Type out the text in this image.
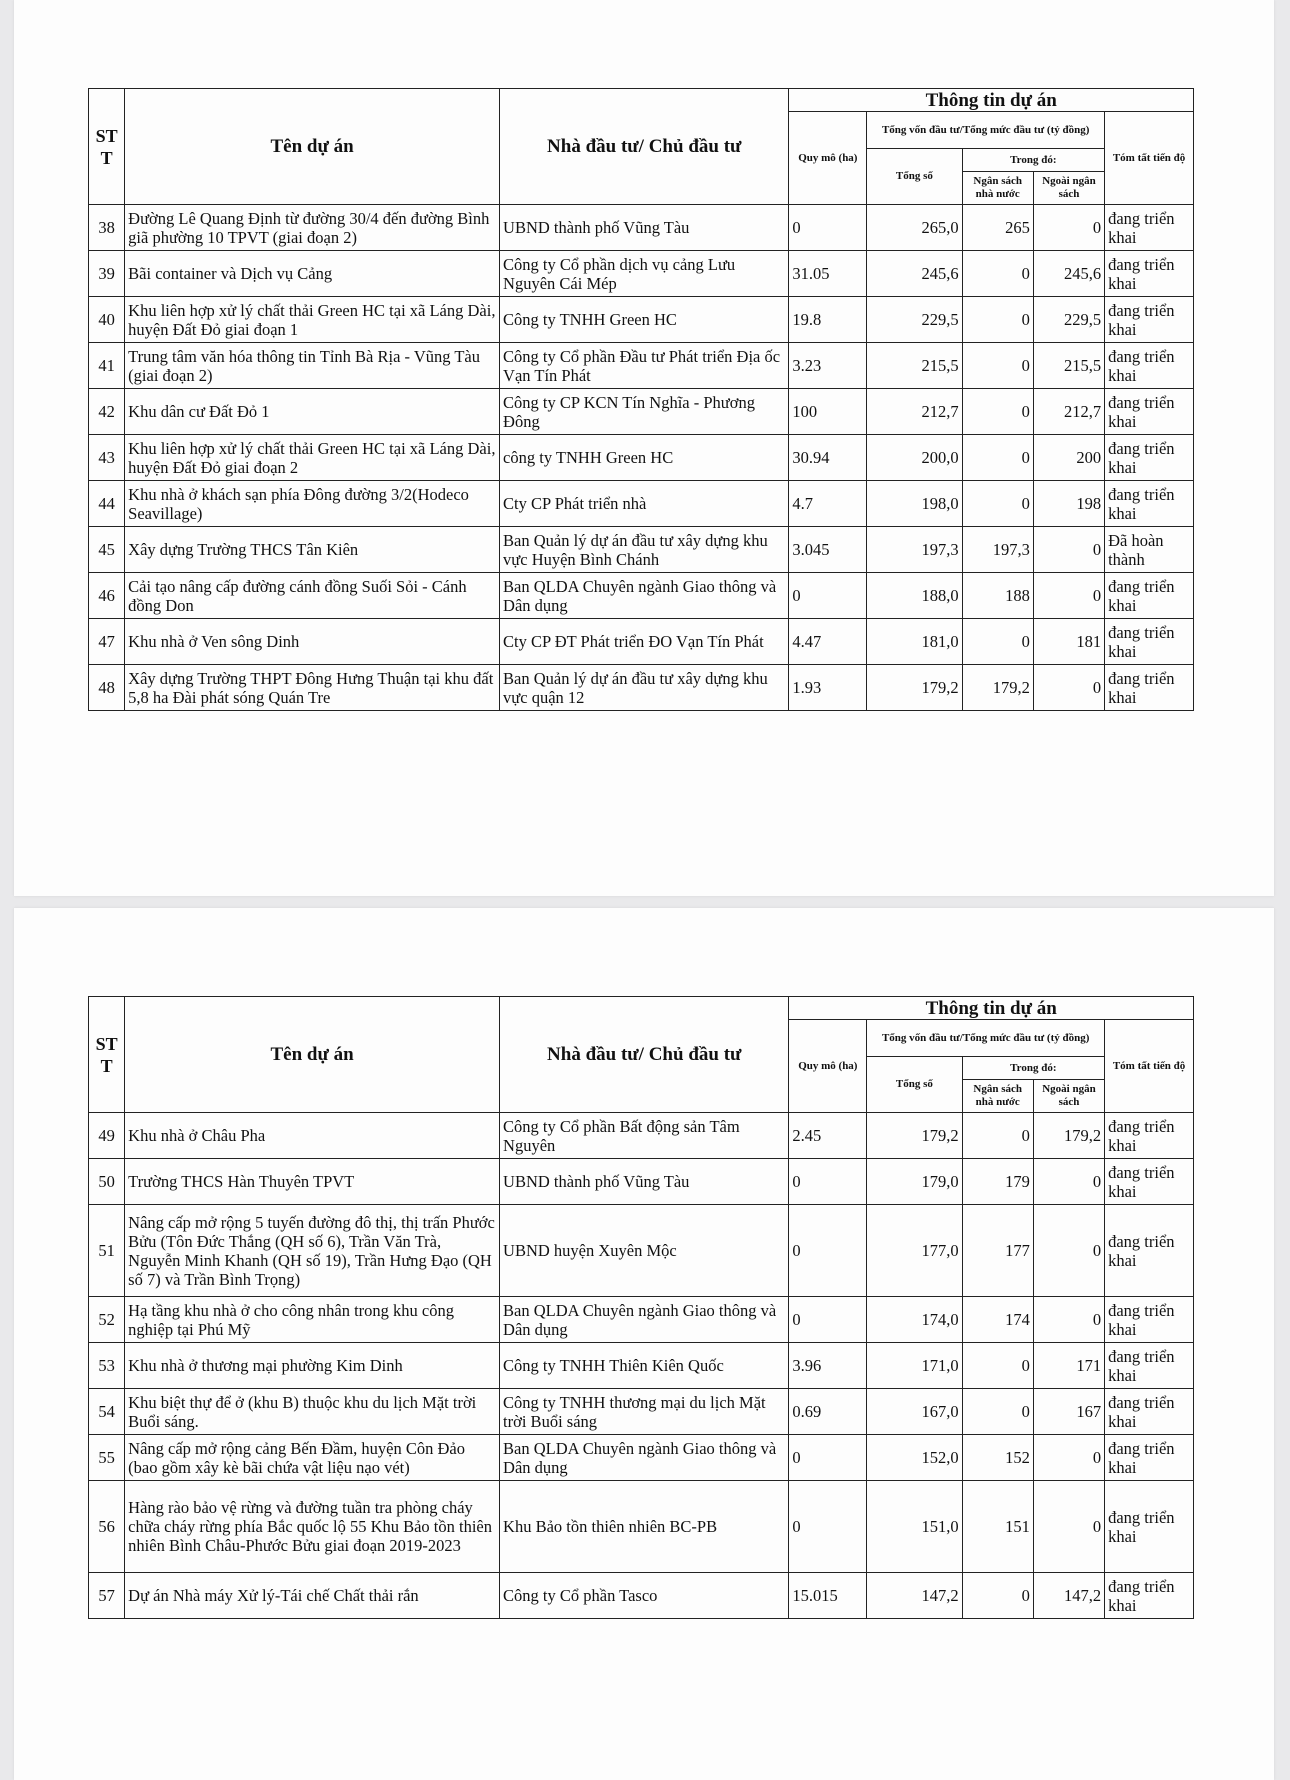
ST T	Tên dự án	Nhà đầu tư/ Chủ đầu tư	Thông tin dự án				
			Quy mô (ha)	Tổng vốn đầu tư/Tổng mức đầu tư (tỷ đồng)			Tóm tất tiến độ
				Tổng số	Trong đó:		
					Ngân sách nhà nước	Ngoài ngân sách	
38	Đường Lê Quang Định từ đường 30/4 đến đường Bình giã phường 10 TPVT (giai đoạn 2)	UBND thành phố Vũng Tàu	0	265,0	265	0	đang triển khai
39	Bãi container và Dịch vụ Cảng	Công ty Cổ phần dịch vụ cảng Lưu Nguyên Cái Mép	31.05	245,6	0	245,6	đang triển khai
40	Khu liên hợp xử lý chất thải Green HC tại xã Láng Dài, huyện Đất Đỏ giai đoạn 1	Công ty TNHH Green HC	19.8	229,5	0	229,5	đang triển khai
41	Trung tâm văn hóa thông tin Tỉnh Bà Rịa - Vũng Tàu (giai đoạn 2)	Công ty Cổ phần Đầu tư Phát triển Địa ốc Vạn Tín Phát	3.23	215,5	0	215,5	đang triển khai
42	Khu dân cư Đất Đỏ 1	Công ty CP KCN Tín Nghĩa - Phương Đông	100	212,7	0	212,7	đang triển khai
43	Khu liên hợp xử lý chất thải Green HC tại xã Láng Dài, huyện Đất Đỏ giai đoạn 2	công ty TNHH Green HC	30.94	200,0	0	200	đang triển khai
44	Khu nhà ở khách sạn phía Đông đường 3/2(Hodeco Seavillage)	Cty CP Phát triển nhà	4.7	198,0	0	198	đang triển khai
45	Xây dựng Trường THCS Tân Kiên	Ban Quản lý dự án đầu tư xây dựng khu vực Huyện Bình Chánh	3.045	197,3	197,3	0	Đã hoàn thành
46	Cải tạo nâng cấp đường cánh đồng Suối Sỏi - Cánh đồng Don	Ban QLDA Chuyên ngành Giao thông và Dân dụng	0	188,0	188	0	đang triển khai
47	Khu nhà ở Ven sông Dinh	Cty CP ĐT Phát triển ĐO Vạn Tín Phát	4.47	181,0	0	181	đang triển khai
48	Xây dựng Trường THPT Đông Hưng Thuận tại khu đất 5,8 ha Đài phát sóng Quán Tre	Ban Quản lý dự án đầu tư xây dựng khu vực quận 12	1.93	179,2	179,2	0	đang triển khai
ST T	Tên dự án	Nhà đầu tư/ Chủ đầu tư	Thông tin dự án				
			Quy mô (ha)	Tổng vốn đầu tư/Tổng mức đầu tư (tỷ đồng)			Tóm tất tiến độ
				Tổng số	Trong đó:		
					Ngân sách nhà nước	Ngoài ngân sách	
49	Khu nhà ở Châu Pha	Công ty Cổ phần Bất động sản Tâm Nguyên	2.45	179,2	0	179,2	đang triển khai
50	Trường THCS Hàn Thuyên TPVT	UBND thành phố Vũng Tàu	0	179,0	179	0	đang triển khai
51	Nâng cấp mở rộng 5 tuyến đường đô thị, thị trấn Phước Bửu (Tôn Đức Thắng (QH số 6), Trần Văn Trà, Nguyễn Minh Khanh (QH số 19), Trần Hưng Đạo (QH số 7) và Trần Bình Trọng)	UBND huyện Xuyên Mộc	0	177,0	177	0	đang triển khai
52	Hạ tầng khu nhà ở cho công nhân trong khu công nghiệp tại Phú Mỹ	Ban QLDA Chuyên ngành Giao thông và Dân dụng	0	174,0	174	0	đang triển khai
53	Khu nhà ở thương mại phường Kim Dinh	Công ty TNHH Thiên Kiên Quốc	3.96	171,0	0	171	đang triển khai
54	Khu biệt thự để ở (khu B) thuộc khu du lịch Mặt trời Buổi sáng.	Công ty TNHH thương mại du lịch Mặt trời Buổi sáng	0.69	167,0	0	167	đang triển khai
55	Nâng cấp mở rộng cảng Bến Đầm, huyện Côn Đảo (bao gồm xây kè bãi chứa vật liệu nạo vét)	Ban QLDA Chuyên ngành Giao thông và Dân dụng	0	152,0	152	0	đang triển khai
56	Hàng rào bảo vệ rừng và đường tuần tra phòng cháy chữa cháy rừng phía Bắc quốc lộ 55 Khu Bảo tồn thiên nhiên Bình Châu-Phước Bửu giai đoạn 2019-2023	Khu Bảo tồn thiên nhiên BC-PB	0	151,0	151	0	đang triển khai
57	Dự án Nhà máy Xử lý-Tái chế Chất thải rắn	Công ty Cổ phần Tasco	15.015	147,2	0	147,2	đang triển khai
